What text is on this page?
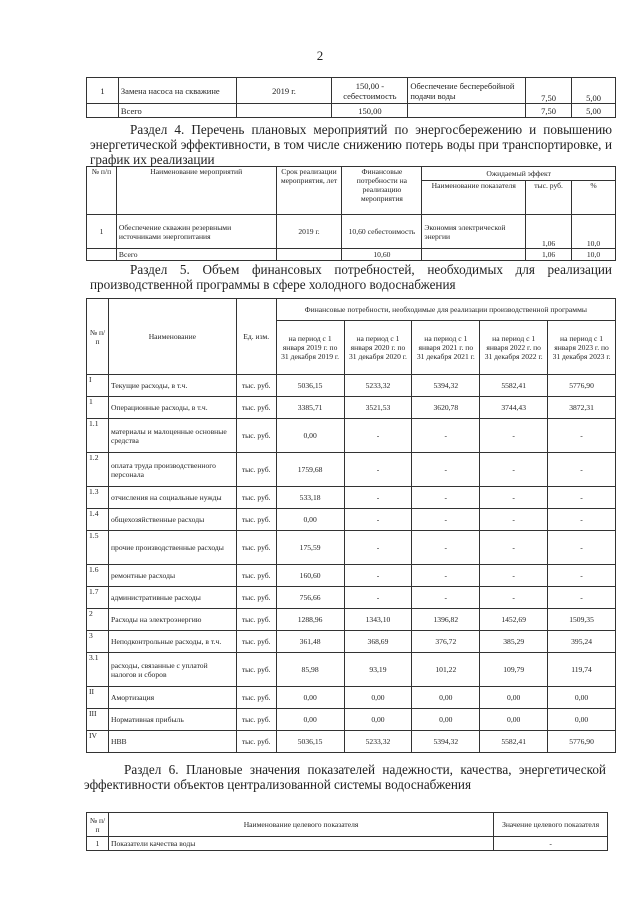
2
1	Замена насоса на скважине	2019 г.	150,00 - себестоимость	Обеспечение бесперебойной подачи воды	7,50	5,00
	Всего		150,00		7,50	5,00
Раздел 4. Перечень плановых мероприятий по энергосбережению и повышению энергетической эффективности, в том числе снижению потерь воды при транспортировке, и график их реализации
№ п/п	Наименование мероприятий	Срок реализации мероприятия, лет	Финансовые потребности на реализацию мероприятия	Ожидаемый эффект		
				Наименование показателя	тыс. руб.	%
1	Обеспечение скважин резервными источниками энергопитания	2019 г.	10,60 себестоимость	Экономия электрической энергии	1,06	10,0
	Всего		10,60		1,06	10,0
Раздел 5. Объем финансовых потребностей, необходимых для реализации производственной программы в сфере холодного водоснабжения
№ п/п	Наименование	Ед. изм.	Финансовые потребности, необходимые для реализации производственной программы				
			на период с 1 января 2019 г. по 31 декабря 2019 г.	на период с 1 января 2020 г. по 31 декабря 2020 г.	на период с 1 января 2021 г. по 31 декабря 2021 г.	на период с 1 января 2022 г. по 31 декабря 2022 г.	на период с 1 января 2023 г. по 31 декабря 2023 г.
I	Текущие расходы, в т.ч.	тыс. руб.	5036,15	5233,32	5394,32	5582,41	5776,90
1	Операционные расходы, в т.ч.	тыс. руб.	3385,71	3521,53	3620,78	3744,43	3872,31
1.1	материалы и малоценные основные средства	тыс. руб.	0,00	-	-	-	-
1.2	оплата труда производственного персонала	тыс. руб.	1759,68	-	-	-	-
1.3	отчисления на социальные нужды	тыс. руб.	533,18	-	-	-	-
1.4	общехозяйственные расходы	тыс. руб.	0,00	-	-	-	-
1.5	прочие производственные расходы	тыс. руб.	175,59	-	-	-	-
1.6	ремонтные расходы	тыс. руб.	160,60	-	-	-	-
1.7	административные расходы	тыс. руб.	756,66	-	-	-	-
2	Расходы на электроэнергию	тыс. руб.	1288,96	1343,10	1396,82	1452,69	1509,35
3	Неподконтрольные расходы, в т.ч.	тыс. руб.	361,48	368,69	376,72	385,29	395,24
3.1	расходы, связанные с уплатой налогов и сборов	тыс. руб.	85,98	93,19	101,22	109,79	119,74
II	Амортизация	тыс. руб.	0,00	0,00	0,00	0,00	0,00
III	Нормативная прибыль	тыс. руб.	0,00	0,00	0,00	0,00	0,00
IV	НВВ	тыс. руб.	5036,15	5233,32	5394,32	5582,41	5776,90
Раздел 6. Плановые значения показателей надежности, качества, энергетической эффективности объектов централизованной системы водоснабжения
№ п/п	Наименование целевого показателя	Значение целевого показателя
1	Показатели качества воды	-
